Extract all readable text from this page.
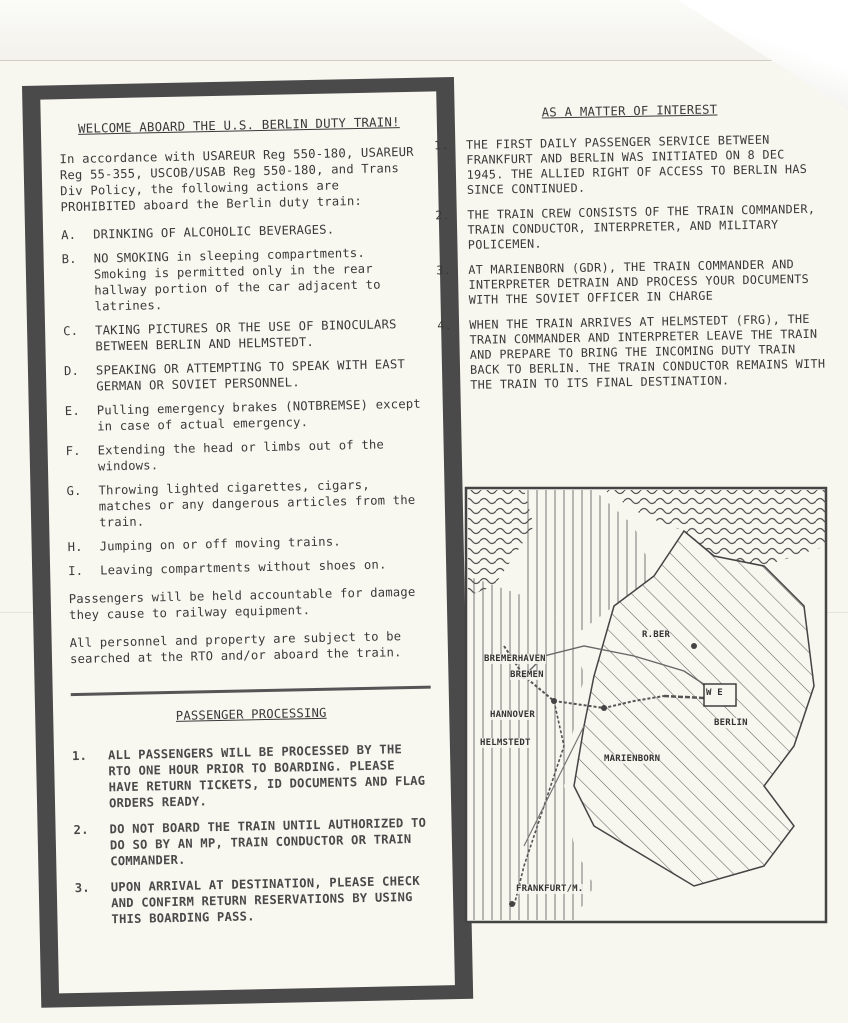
WELCOME ABOARD THE U.S. BERLIN DUTY TRAIN!

In accordance with USAREUR Reg 550-180, USAREUR Reg 55-355, USCOB/USAB Reg 550-180, and Trans Div Policy, the following actions are PROHIBITED aboard the Berlin duty train:

A.	DRINKING OF ALCOHOLIC BEVERAGES.
B.	NO SMOKING in sleeping compartments. Smoking is permitted only in the rear hallway portion of the car adjacent to latrines.
C.	TAKING PICTURES OR THE USE OF BINOCULARS BETWEEN BERLIN AND HELMSTEDT.
D.	SPEAKING OR ATTEMPTING TO SPEAK WITH EAST GERMAN OR SOVIET PERSONNEL.
E.	Pulling emergency brakes (NOTBREMSE) except in case of actual emergency.
F.	Extending the head or limbs out of the windows.
G.	Throwing lighted cigarettes, cigars, matches or any dangerous articles from the train.
H.	Jumping on or off moving trains.
I.	Leaving compartments without shoes on.

Passengers will be held accountable for damage they cause to railway equipment.

All personnel and property are subject to be searched at the RTO and/or aboard the train.

PASSENGER PROCESSING

1.	ALL PASSENGERS WILL BE PROCESSED BY THE RTO ONE HOUR PRIOR TO BOARDING. PLEASE HAVE RETURN TICKETS, ID DOCUMENTS AND FLAG ORDERS READY.
2.	DO NOT BOARD THE TRAIN UNTIL AUTHORIZED TO DO SO BY AN MP, TRAIN CONDUCTOR OR TRAIN COMMANDER.
3.	UPON ARRIVAL AT DESTINATION, PLEASE CHECK AND CONFIRM RETURN RESERVATIONS BY USING THIS BOARDING PASS.

AS A MATTER OF INTEREST

1.	THE FIRST DAILY PASSENGER SERVICE BETWEEN FRANKFURT AND BERLIN WAS INITIATED ON 8 DEC 1945. THE ALLIED RIGHT OF ACCESS TO BERLIN HAS SINCE CONTINUED.
2.	THE TRAIN CREW CONSISTS OF THE TRAIN COMMANDER, TRAIN CONDUCTOR, INTERPRETER, AND MILITARY POLICEMEN.
3.	AT MARIENBORN (GDR), THE TRAIN COMMANDER AND INTERPRETER DETRAIN AND PROCESS YOUR DOCUMENTS WITH THE SOVIET OFFICER IN CHARGE
4.	WHEN THE TRAIN ARRIVES AT HELMSTEDT (FRG), THE TRAIN COMMANDER AND INTERPRETER LEAVE THE TRAIN AND PREPARE TO BRING THE INCOMING DUTY TRAIN BACK TO BERLIN. THE TRAIN CONDUCTOR REMAINS WITH THE TRAIN TO ITS FINAL DESTINATION.
BREMERHAVEN
BREMEN
R.BER
W E
BERLIN
HANNOVER
HELMSTEDT
MARIENBORN
FRANKFURT/M.
